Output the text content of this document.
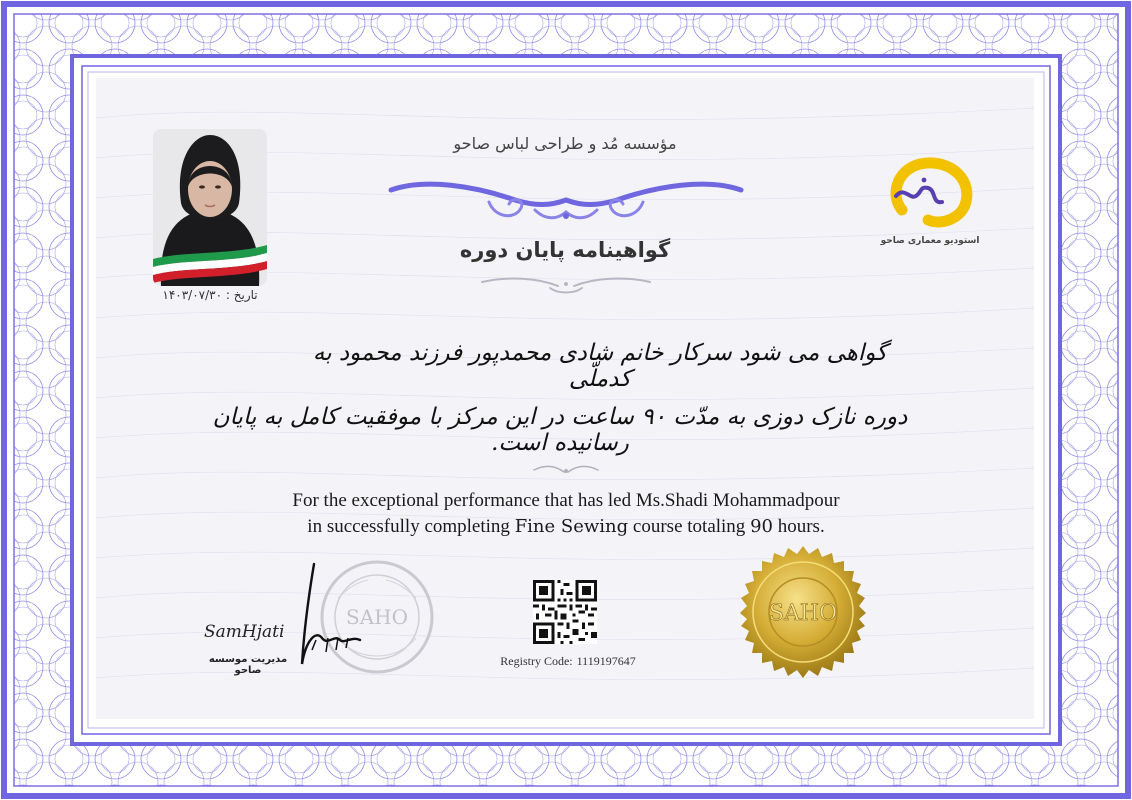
مؤسسه مُد و طراحی لباس صاحو
گواهینامه پایان دوره
تاریخ : ۱۴۰۳/۰۷/۳۰
استودیو معماری صاحو
گواهی می شود سرکار خانم شادی محمدپور فرزند محمود به کدملّی
دوره نازک دوزی به مدّت ۹۰ ساعت در این مرکز با موفقیت کامل به پایان رسانیده است.
For the exceptional performance that has led Ms.Shadi Mohammadpour
in successfully completing Fine Sewing course totaling 90 hours.
SAHO
SamHjati
مدیریت موسسه صاحو
Registry Code: 1119197647
SAHO
